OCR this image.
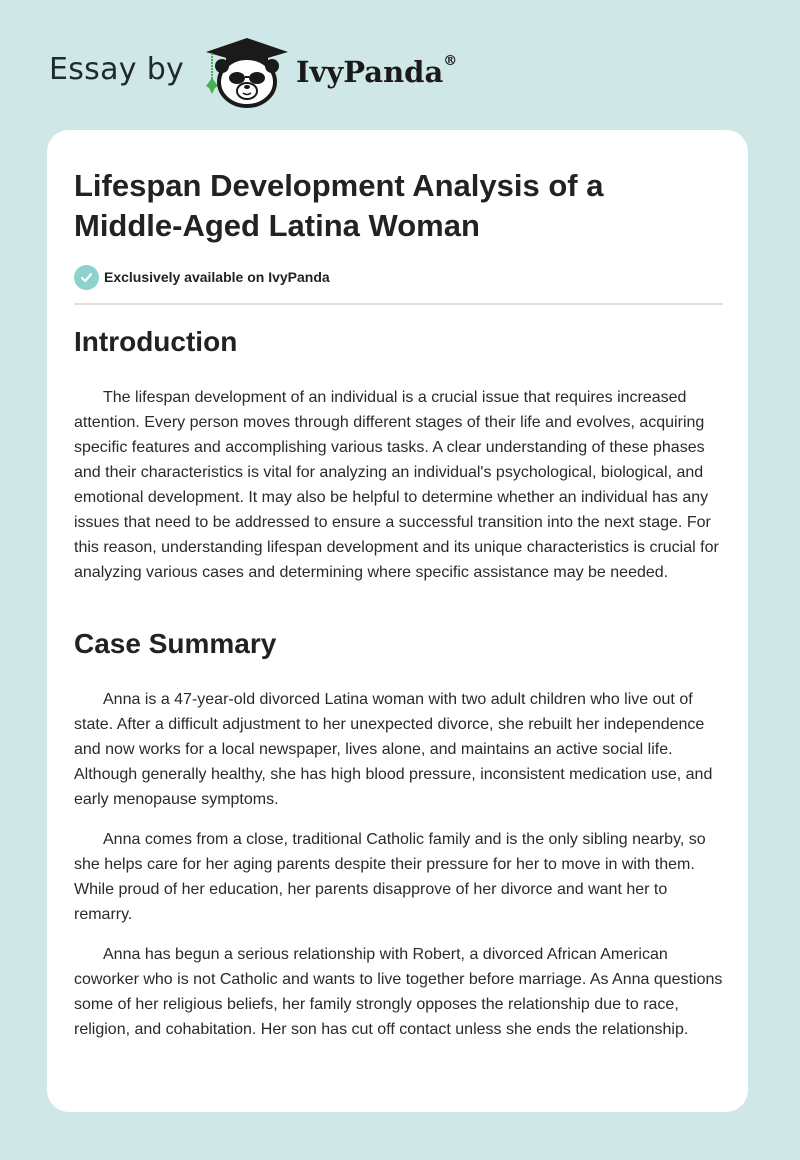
Essay by	IvyPanda®
Lifespan Development Analysis of a Middle-Aged Latina Woman
Exclusively available on IvyPanda
Introduction

The lifespan development of an individual is a crucial issue that requires increased attention. Every person moves through different stages of their life and evolves, acquiring specific features and accomplishing various tasks. A clear understanding of these phases and their characteristics is vital for analyzing an individual's psychological, biological, and emotional development. It may also be helpful to determine whether an individual has any issues that need to be addressed to ensure a successful transition into the next stage. For this reason, understanding lifespan development and its unique characteristics is crucial for analyzing various cases and determining where specific assistance may be needed.

Case Summary

Anna is a 47-year-old divorced Latina woman with two adult children who live out of state. After a difficult adjustment to her unexpected divorce, she rebuilt her independence and now works for a local newspaper, lives alone, and maintains an active social life. Although generally healthy, she has high blood pressure, inconsistent medication use, and early menopause symptoms.

Anna comes from a close, traditional Catholic family and is the only sibling nearby, so she helps care for her aging parents despite their pressure for her to move in with them. While proud of her education, her parents disapprove of her divorce and want her to remarry.

Anna has begun a serious relationship with Robert, a divorced African American coworker who is not Catholic and wants to live together before marriage. As Anna questions some of her religious beliefs, her family strongly opposes the relationship due to race, religion, and cohabitation. Her son has cut off contact unless she ends the relationship.
